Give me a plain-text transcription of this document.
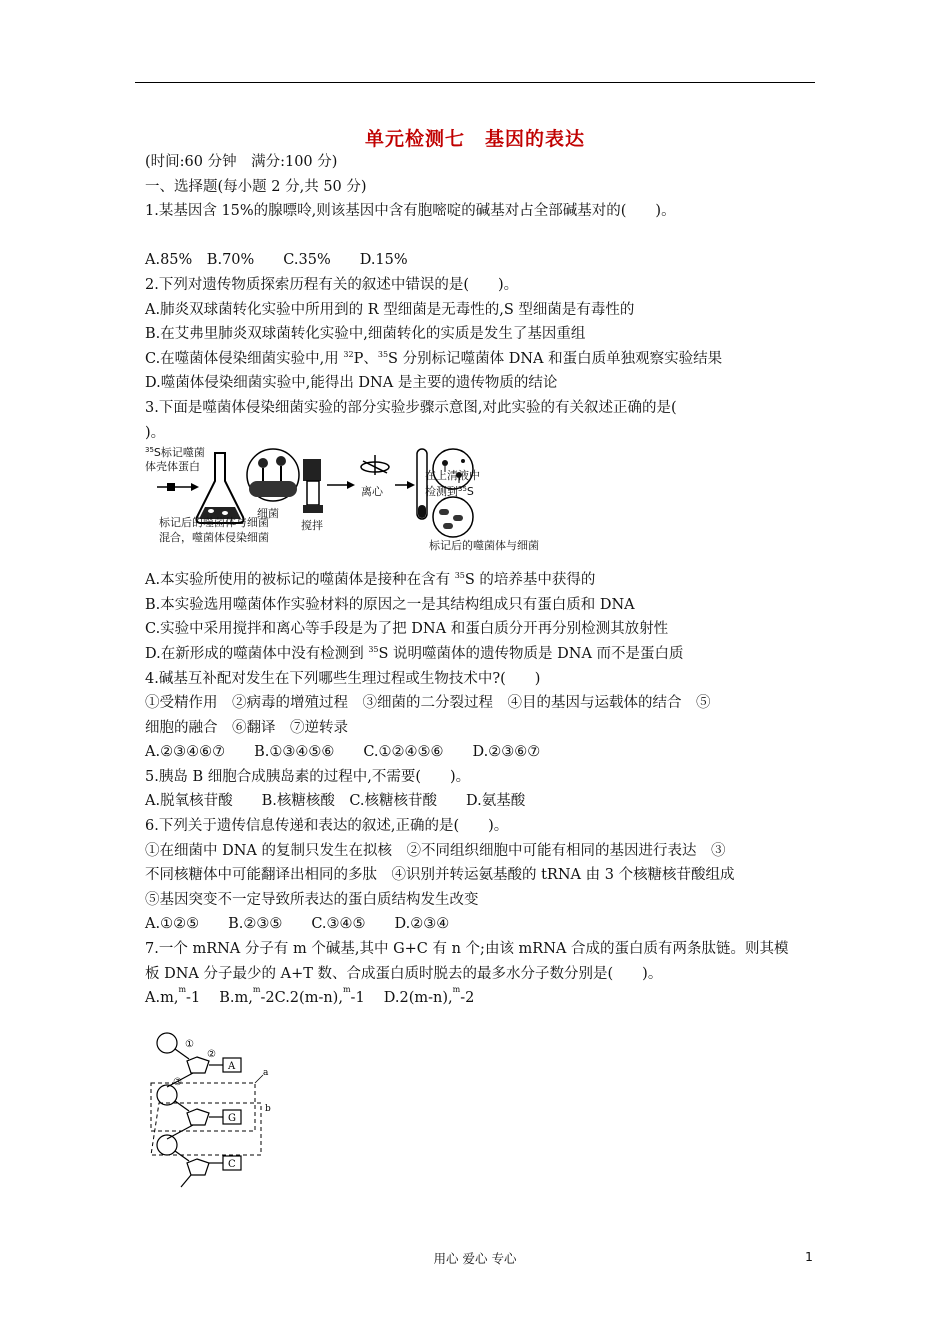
单元检测七　基因的表达
(时间:60 分钟　满分:100 分)
一、选择题(每小题 2 分,共 50 分)
1.某基因含 15%的腺嘌呤,则该基因中含有胞嘧啶的碱基对占全部碱基对的(　　)。
A.85%　B.70%　　C.35%　　D.15%
2.下列对遗传物质探索历程有关的叙述中错误的是(　　)。
A.肺炎双球菌转化实验中所用到的 R 型细菌是无毒性的,S 型细菌是有毒性的
B.在艾弗里肺炎双球菌转化实验中,细菌转化的实质是发生了基因重组
C.在噬菌体侵染细菌实验中,用 $^{32}$P、$^{35}$S 分别标记噬菌体 DNA 和蛋白质单独观察实验结果
D.噬菌体侵染细菌实验中,能得出 DNA 是主要的遗传物质的结论
3.下面是噬菌体侵染细菌实验的部分实验步骤示意图,对此实验的有关叙述正确的是(
)。
$^{35}$S标记噬菌
体壳体蛋白
细菌
搅拌
离心
标记后的噬菌体与细菌
在上清液中
检测到$^{35}$S
标记后的噬菌体与细菌
混合，噬菌体侵染细菌
A.本实验所使用的被标记的噬菌体是接种在含有 $^{35}$S 的培养基中获得的
B.本实验选用噬菌体作实验材料的原因之一是其结构组成只有蛋白质和 DNA
C.实验中采用搅拌和离心等手段是为了把 DNA 和蛋白质分开再分别检测其放射性
D.在新形成的噬菌体中没有检测到 $^{35}$S 说明噬菌体的遗传物质是 DNA 而不是蛋白质
4.碱基互补配对发生在下列哪些生理过程或生物技术中?(　　)
①受精作用　②病毒的增殖过程　③细菌的二分裂过程　④目的基因与运载体的结合　⑤
细胞的融合　⑥翻译　⑦逆转录
A.②③④⑥⑦　　B.①③④⑤⑥　　C.①②④⑤⑥　　D.②③⑥⑦
5.胰岛 B 细胞合成胰岛素的过程中,不需要(　　)。
A.脱氧核苷酸　　B.核糖核酸　C.核糖核苷酸　　D.氨基酸
6.下列关于遗传信息传递和表达的叙述,正确的是(　　)。
①在细菌中 DNA 的复制只发生在拟核　②不同组织细胞中可能有相同的基因进行表达　③
不同核糖体中可能翻译出相同的多肽　④识别并转运氨基酸的 tRNA 由 3 个核糖核苷酸组成
⑤基因突变不一定导致所表达的蛋白质结构发生改变
A.①②⑤　　B.②③⑤　　C.③④⑤　　D.②③④
7.一个 mRNA 分子有 m 个碱基,其中 G+C 有 n 个;由该 mRNA 合成的蛋白质有两条肽链。则其模
板 DNA 分子最少的 A+T 数、合成蛋白质时脱去的最多水分子数分别是(　　)。
A.m,$^m$-1　 B.m,$^m$-2C.2(m-n),$^m$-1　 D.2(m-n),$^m$-2
A
①
②
③
G
C
a
b
用心 爱心 专心	1
